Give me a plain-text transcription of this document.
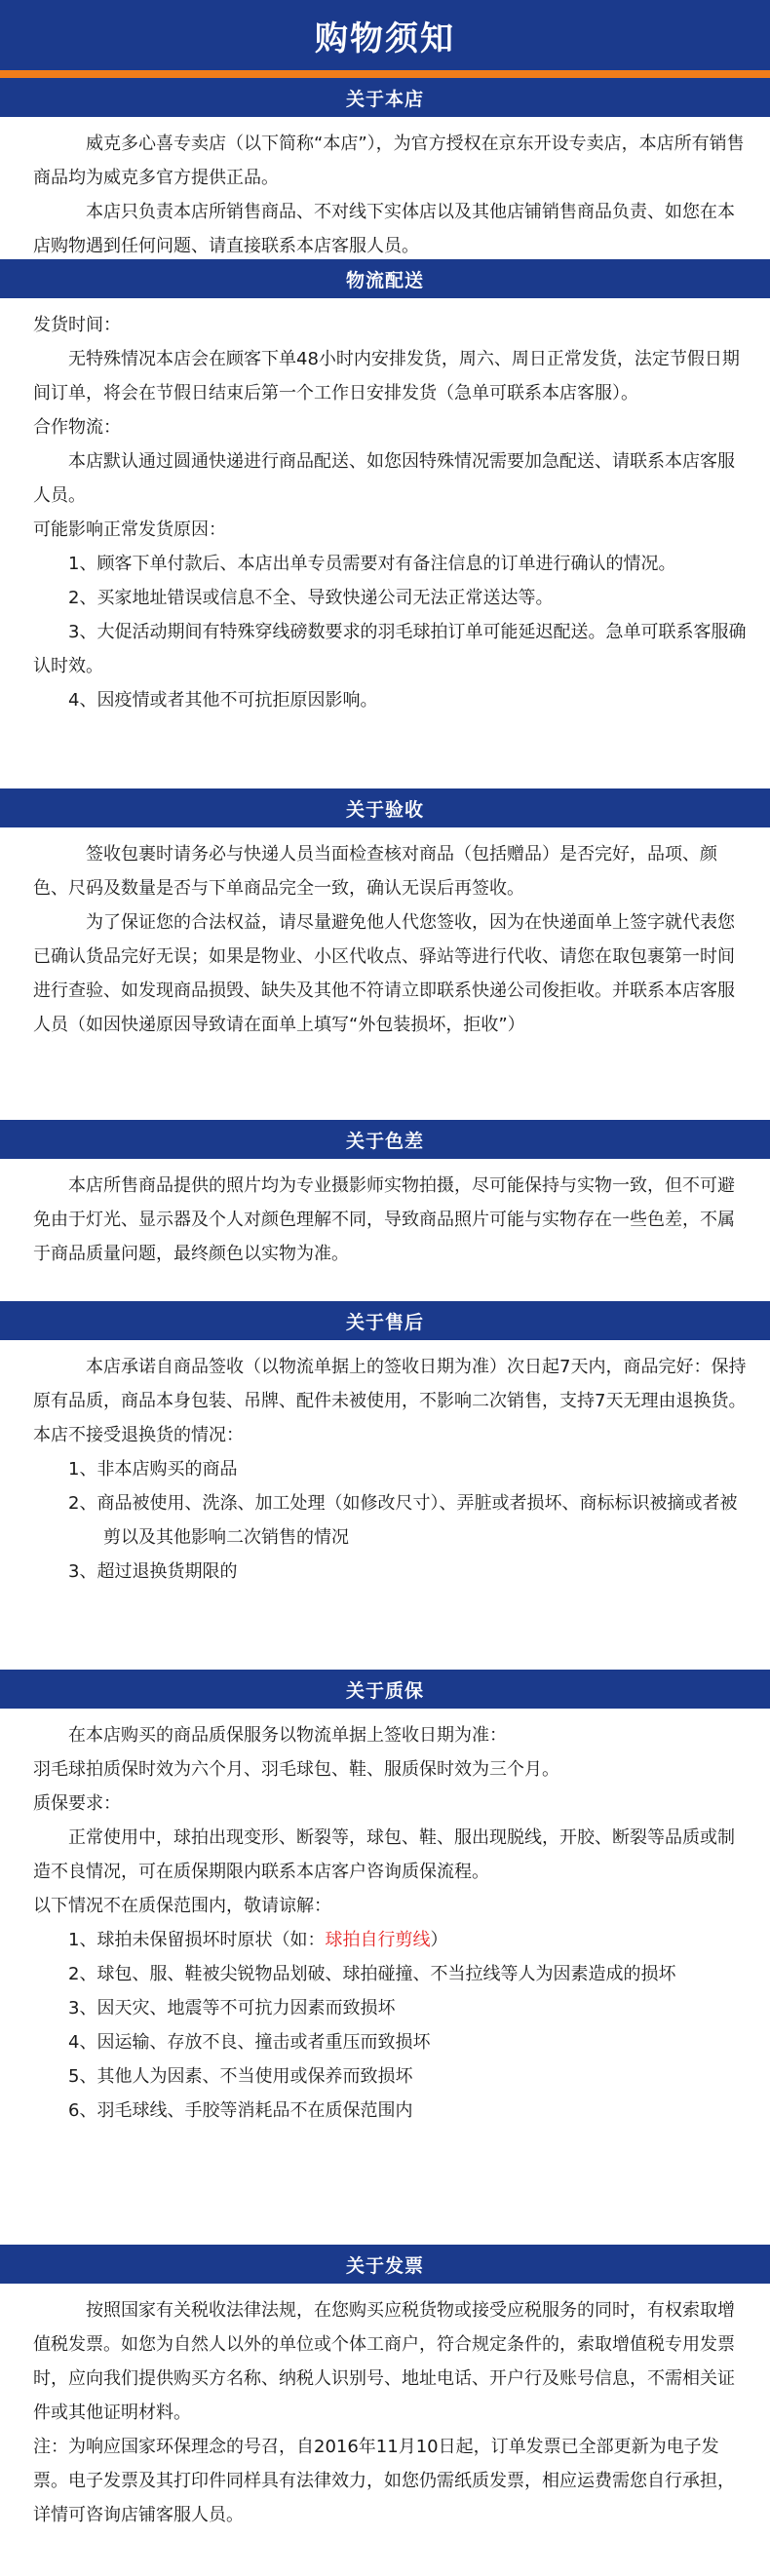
购物须知
关于本店

威克多心喜专卖店（以下简称“本店”），为官方授权在京东开设专卖店，本店所有销售商品均为威克多官方提供正品。

本店只负责本店所销售商品、不对线下实体店以及其他店铺销售商品负责、如您在本店购物遇到任何问题、请直接联系本店客服人员。

物流配送

发货时间：

无特殊情况本店会在顾客下单48小时内安排发货，周六、周日正常发货，法定节假日期间订单，将会在节假日结束后第一个工作日安排发货（急单可联系本店客服）。

合作物流：

本店默认通过圆通快递进行商品配送、如您因特殊情况需要加急配送、请联系本店客服人员。

可能影响正常发货原因：

1、顾客下单付款后、本店出单专员需要对有备注信息的订单进行确认的情况。

2、买家地址错误或信息不全、导致快递公司无法正常送达等。

3、大促活动期间有特殊穿线磅数要求的羽毛球拍订单可能延迟配送。急单可联系客服确认时效。

4、因疫情或者其他不可抗拒原因影响。

关于验收

签收包裹时请务必与快递人员当面检查核对商品（包括赠品）是否完好，品项、颜色、尺码及数量是否与下单商品完全一致，确认无误后再签收。

为了保证您的合法权益，请尽量避免他人代您签收，因为在快递面单上签字就代表您已确认货品完好无误；如果是物业、小区代收点、驿站等进行代收、请您在取包裹第一时间进行查验、如发现商品损毁、缺失及其他不符请立即联系快递公司俊拒收。并联系本店客服人员（如因快递原因导致请在面单上填写“外包装损坏，拒收”）

关于色差

本店所售商品提供的照片均为专业摄影师实物拍摄，尽可能保持与实物一致，但不可避免由于灯光、显示器及个人对颜色理解不同，导致商品照片可能与实物存在一些色差，不属于商品质量问题，最终颜色以实物为准。

关于售后

本店承诺自商品签收（以物流单据上的签收日期为准）次日起7天内，商品完好：保持原有品质，商品本身包装、吊牌、配件未被使用，不影响二次销售，支持7天无理由退换货。

本店不接受退换货的情况：

1、非本店购买的商品

2、商品被使用、洗涤、加工处理（如修改尺寸）、弄脏或者损坏、商标标识被摘或者被剪以及其他影响二次销售的情况

3、超过退换货期限的

关于质保

在本店购买的商品质保服务以物流单据上签收日期为准：

羽毛球拍质保时效为六个月、羽毛球包、鞋、服质保时效为三个月。

质保要求：

正常使用中，球拍出现变形、断裂等，球包、鞋、服出现脱线，开胶、断裂等品质或制造不良情况，可在质保期限内联系本店客户咨询质保流程。

以下情况不在质保范围内，敬请谅解：

1、球拍未保留损坏时原状（如：球拍自行剪线）

2、球包、服、鞋被尖锐物品划破、球拍碰撞、不当拉线等人为因素造成的损坏

3、因天灾、地震等不可抗力因素而致损坏

4、因运输、存放不良、撞击或者重压而致损坏

5、其他人为因素、不当使用或保养而致损坏

6、羽毛球线、手胶等消耗品不在质保范围内

关于发票

按照国家有关税收法律法规，在您购买应税货物或接受应税服务的同时，有权索取增值税发票。如您为自然人以外的单位或个体工商户，符合规定条件的，索取增值税专用发票时，应向我们提供购买方名称、纳税人识别号、地址电话、开户行及账号信息，不需相关证件或其他证明材料。

注：为响应国家环保理念的号召，自2016年11月10日起，订单发票已全部更新为电子发票。电子发票及其打印件同样具有法律效力，如您仍需纸质发票，相应运费需您自行承担，详情可咨询店铺客服人员。
